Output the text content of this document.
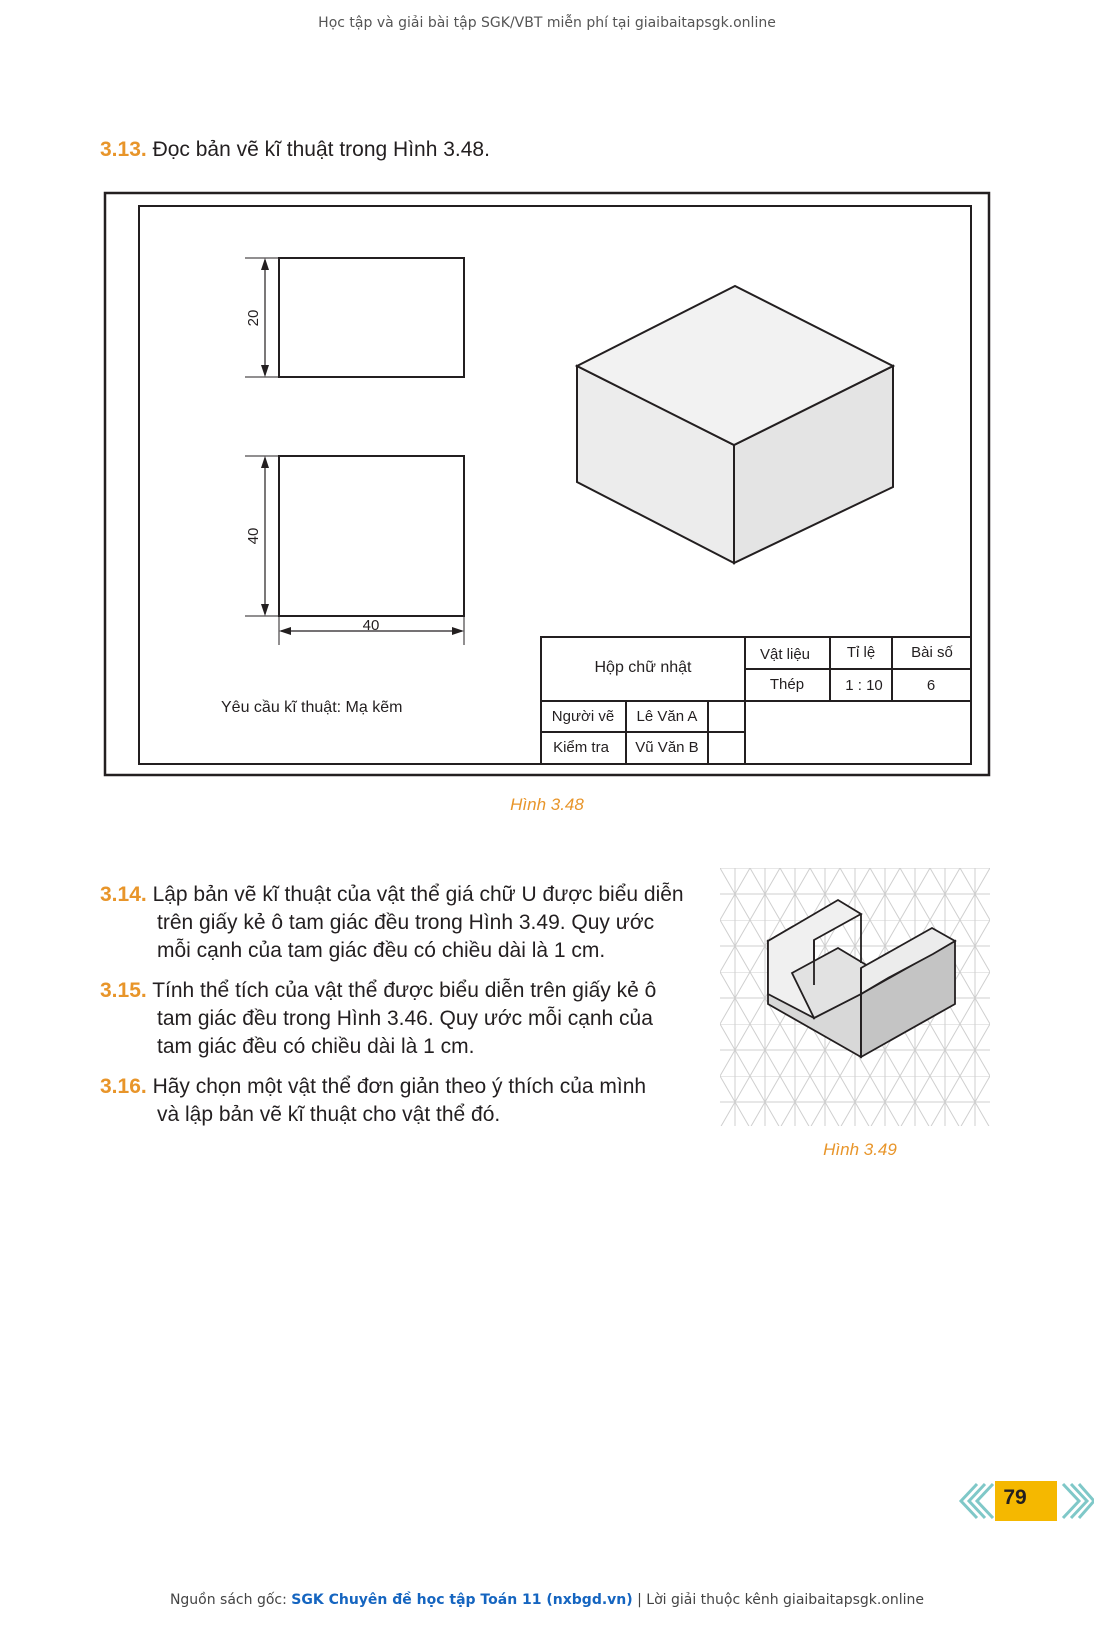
Học tập và giải bài tập SGK/VBT miễn phí tại giaibaitapsgk.online
3.13. Đọc bản vẽ kĩ thuật trong Hình 3.48.
20
40
40
Yêu cầu kĩ thuật: Mạ kẽm
Hộp chữ nhật
Vật liệu
Thép
Tỉ lệ
1 : 10
Bài số
6
Người vẽ Lê Văn A
Kiểm tra Vũ Văn B
Hình 3.48
3.14. Lập bản vẽ kĩ thuật của vật thể giá chữ U được biểu diễn
trên giấy kẻ ô tam giác đều trong Hình 3.49. Quy ước
mỗi cạnh của tam giác đều có chiều dài là 1 cm.
3.15. Tính thể tích của vật thể được biểu diễn trên giấy kẻ ô
tam giác đều trong Hình 3.46. Quy ước mỗi cạnh của
tam giác đều có chiều dài là 1 cm.
3.16. Hãy chọn một vật thể đơn giản theo ý thích của mình
và lập bản vẽ kĩ thuật cho vật thể đó.
Hình 3.49
79
Nguồn sách gốc: SGK Chuyên đề học tập Toán 11 (nxbgd.vn) | Lời giải thuộc kênh giaibaitapsgk.online
